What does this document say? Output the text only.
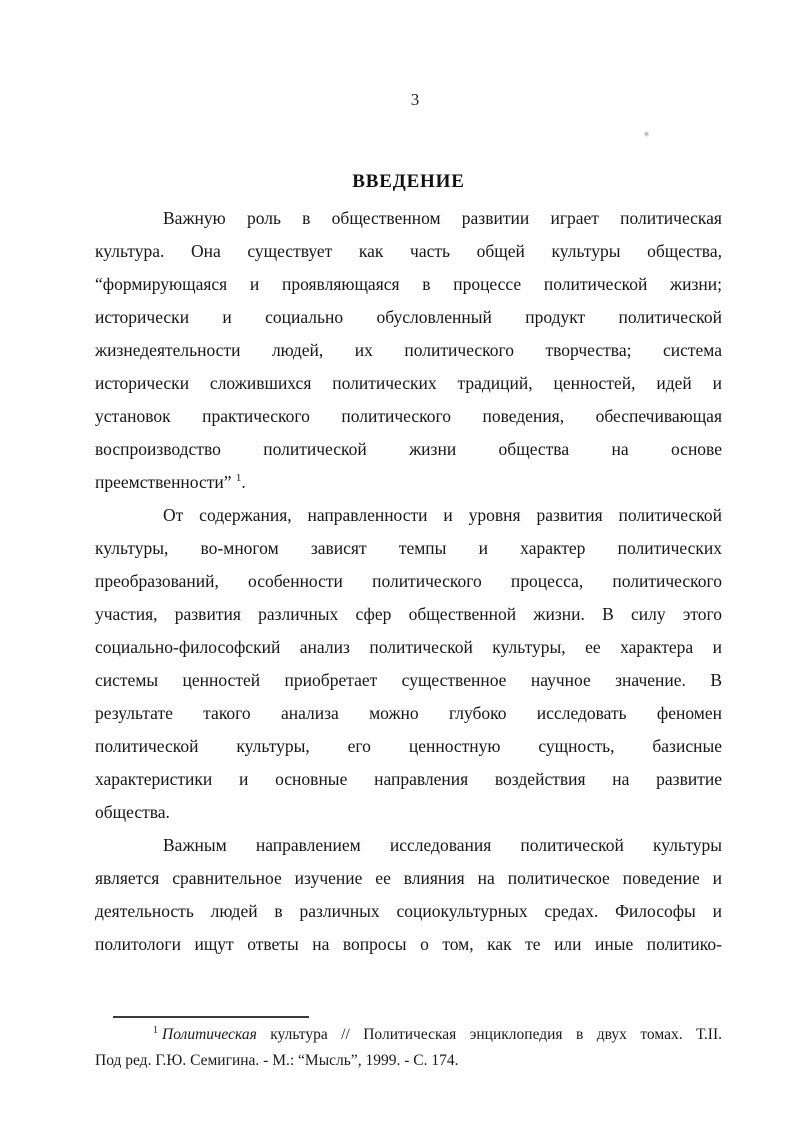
3
ВВЕДЕНИЕ
Важную роль в общественном развитии играет политическая
культура. Она существует как часть общей культуры общества,
“формирующаяся и проявляющаяся в процессе политической жизни;
исторически и социально обусловленный продукт политической
жизнедеятельности людей, их политического творчества; система
исторически сложившихся политических традиций, ценностей, идей и
установок практического политического поведения, обеспечивающая
воспроизводство политической жизни общества на основе
преемственности” $^1$.
От содержания, направленности и уровня развития политической
культуры, во-многом зависят темпы и характер политических
преобразований, особенности политического процесса, политического
участия, развития различных сфер общественной жизни. В силу этого
социально-философский анализ политической культуры, ее характера и
системы ценностей приобретает существенное научное значение. В
результате такого анализа можно глубоко исследовать феномен
политической культуры, его ценностную сущность, базисные
характеристики и основные направления воздействия на развитие
общества.
Важным направлением исследования политической культуры
является сравнительное изучение ее влияния на политическое поведение и
деятельность людей в различных социокультурных средах. Философы и
политологи ищут ответы на вопросы о том, как те или иные политико-
$^1$ Политическая культура // Политическая энциклопедия в двух томах. Т.II.
Под ред. Г.Ю. Семигина. - М.: “Мысль”, 1999. - С. 174.
